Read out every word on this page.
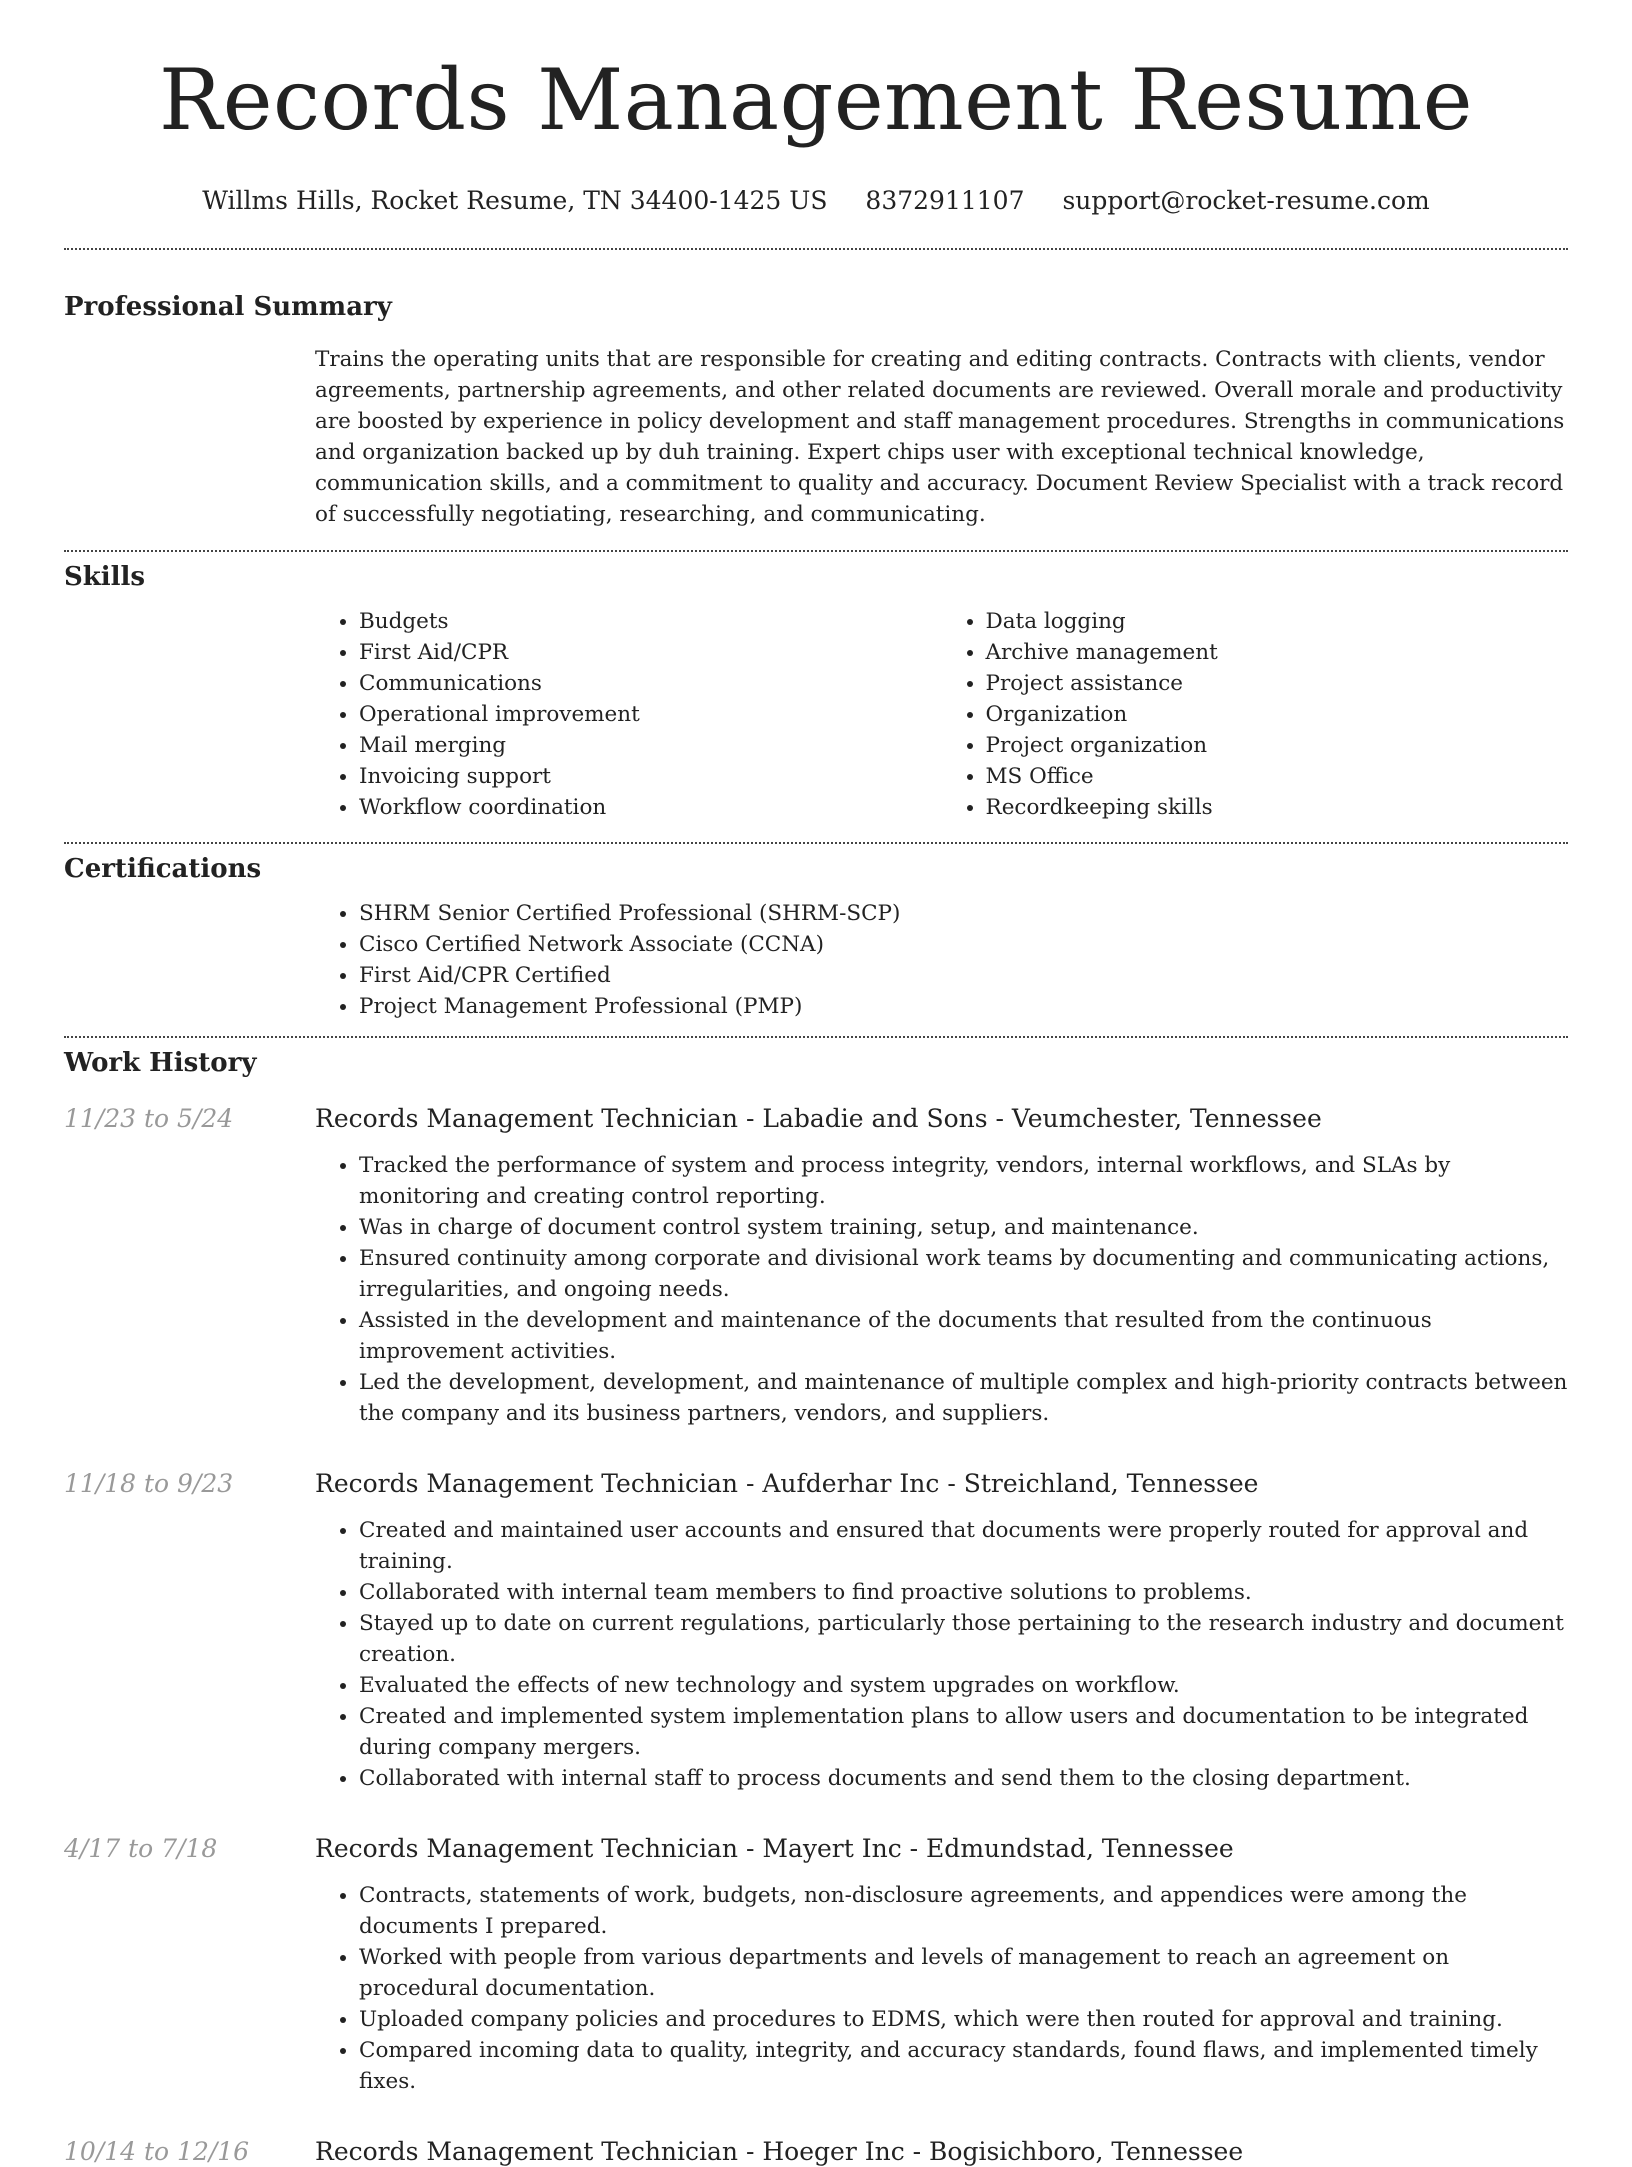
Records Management Resume
Willms Hills, Rocket Resume, TN 34400-1425 US 8372911107 support@rocket-resume.com
Professional Summary

Trains the operating units that are responsible for creating and editing contracts. Contracts with clients, vendor agreements, partnership agreements, and other related documents are reviewed. Overall morale and productivity are boosted by experience in policy development and staff management procedures. Strengths in communications and organization backed up by duh training. Expert chips user with exceptional technical knowledge, communication skills, and a commitment to quality and accuracy. Document Review Specialist with a track record of successfully negotiating, researching, and communicating.

Skills
• Budgets
• First Aid/CPR
• Communications
• Operational improvement
• Mail merging
• Invoicing support
• Workflow coordination
• Data logging
• Archive management
• Project assistance
• Organization
• Project organization
• MS Office
• Recordkeeping skills
Certifications
• SHRM Senior Certified Professional (SHRM-SCP)
• Cisco Certified Network Associate (CCNA)
• First Aid/CPR Certified
• Project Management Professional (PMP)
Work History
11/23 to 5/24	Records Management Technician - Labadie and Sons - Veumchester, Tennessee
• Tracked the performance of system and process integrity, vendors, internal workflows, and SLAs by monitoring and creating control reporting.
• Was in charge of document control system training, setup, and maintenance.
• Ensured continuity among corporate and divisional work teams by documenting and communicating actions, irregularities, and ongoing needs.
• Assisted in the development and maintenance of the documents that resulted from the continuous improvement activities.
• Led the development, development, and maintenance of multiple complex and high-priority contracts between the company and its business partners, vendors, and suppliers.
11/18 to 9/23	Records Management Technician - Aufderhar Inc - Streichland, Tennessee
• Created and maintained user accounts and ensured that documents were properly routed for approval and training.
• Collaborated with internal team members to find proactive solutions to problems.
• Stayed up to date on current regulations, particularly those pertaining to the research industry and document creation.
• Evaluated the effects of new technology and system upgrades on workflow.
• Created and implemented system implementation plans to allow users and documentation to be integrated during company mergers.
• Collaborated with internal staff to process documents and send them to the closing department.
4/17 to 7/18	Records Management Technician - Mayert Inc - Edmundstad, Tennessee
• Contracts, statements of work, budgets, non-disclosure agreements, and appendices were among the documents I prepared.
• Worked with people from various departments and levels of management to reach an agreement on procedural documentation.
• Uploaded company policies and procedures to EDMS, which were then routed for approval and training.
• Compared incoming data to quality, integrity, and accuracy standards, found flaws, and implemented timely fixes.
10/14 to 12/16	Records Management Technician - Hoeger Inc - Bogisichboro, Tennessee
